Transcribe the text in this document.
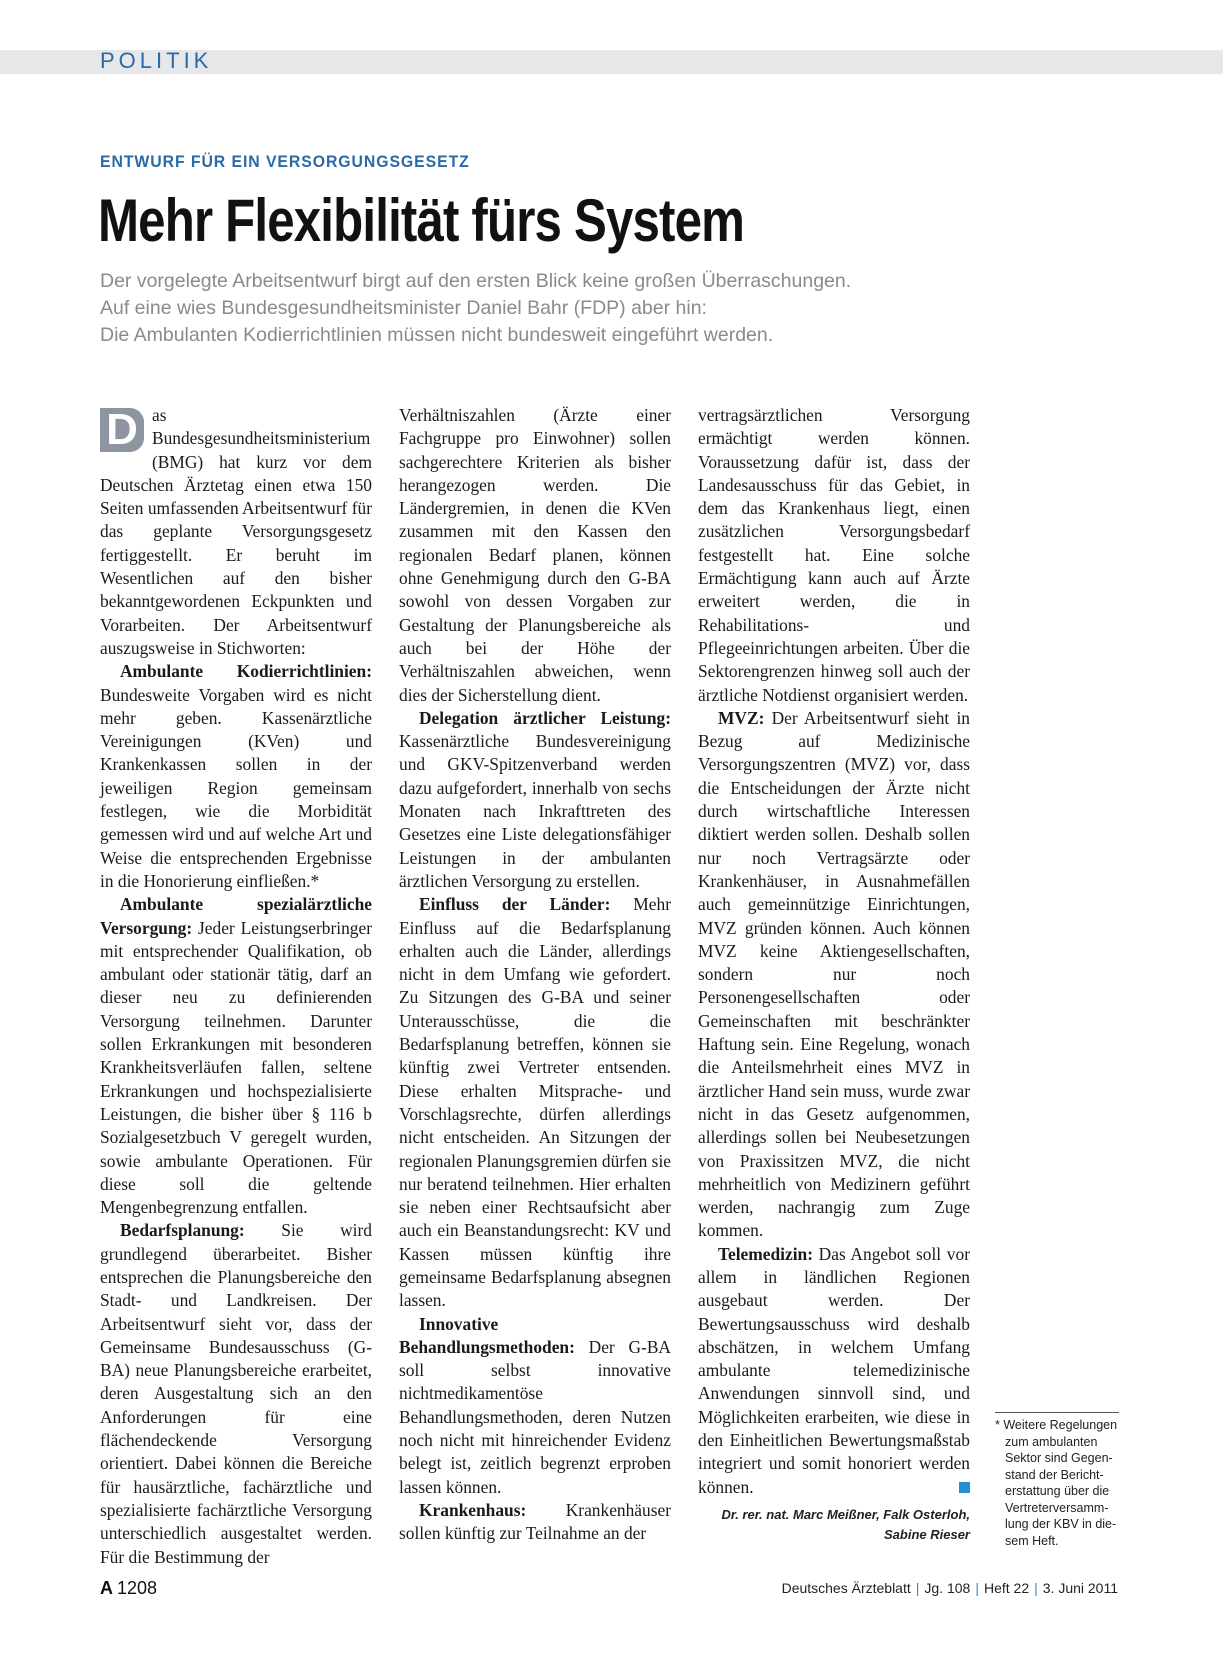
POLITIK
ENTWURF FÜR EIN VERSORGUNGSGESETZ
Mehr Flexibilität fürs System
Der vorgelegte Arbeitsentwurf birgt auf den ersten Blick keine großen Überraschungen.
Auf eine wies Bundesgesundheitsminister Daniel Bahr (FDP) aber hin:
Die Ambulanten Kodierrichtlinien müssen nicht bundesweit eingeführt werden.

D as Bundesgesundheitsministerium (BMG) hat kurz vor dem Deutschen Ärztetag einen etwa 150 Seiten umfassenden Arbeitsentwurf für das geplante Versorgungsgesetz fertiggestellt. Er beruht im Wesentlichen auf den bisher bekanntgewordenen Eckpunkten und Vorarbeiten. Der Arbeitsentwurf auszugsweise in Stichworten:

Ambulante Kodierrichtlinien: Bundesweite Vorgaben wird es nicht mehr geben. Kassenärztliche Vereinigungen (KVen) und Krankenkassen sollen in der jeweiligen Region gemeinsam festlegen, wie die Morbidität gemessen wird und auf welche Art und Weise die entsprechenden Ergebnisse in die Honorierung einfließen.*

Ambulante spezialärztliche Versorgung: Jeder Leistungserbringer mit entsprechender Qualifikation, ob ambulant oder stationär tätig, darf an dieser neu zu definierenden Versorgung teilnehmen. Darunter sollen Erkrankungen mit besonderen Krankheitsverläufen fallen, seltene Erkrankungen und hochspezialisierte Leistungen, die bisher über § 116 b Sozialgesetzbuch V geregelt wurden, sowie ambulante Operationen. Für diese soll die geltende Mengenbegrenzung entfallen.

Bedarfsplanung: Sie wird grundlegend überarbeitet. Bisher entsprechen die Planungsbereiche den Stadt- und Landkreisen. Der Arbeitsentwurf sieht vor, dass der Gemeinsame Bundesausschuss (G-BA) neue Planungsbereiche erarbeitet, deren Ausgestaltung sich an den Anforderungen für eine flächendeckende Versorgung orientiert. Dabei können die Bereiche für hausärztliche, fachärztliche und spezialisierte fachärztliche Versorgung unterschiedlich ausgestaltet werden. Für die Bestimmung der

Verhältniszahlen (Ärzte einer Fachgruppe pro Einwohner) sollen sachgerechtere Kriterien als bisher herangezogen werden. Die Ländergremien, in denen die KVen zusammen mit den Kassen den regionalen Bedarf planen, können ohne Genehmigung durch den G-BA sowohl von dessen Vorgaben zur Gestaltung der Planungsbereiche als auch bei der Höhe der Verhältniszahlen abweichen, wenn dies der Sicherstellung dient.

Delegation ärztlicher Leistung: Kassenärztliche Bundesvereinigung und GKV-Spitzenverband werden dazu aufgefordert, innerhalb von sechs Monaten nach Inkrafttreten des Gesetzes eine Liste delegationsfähiger Leistungen in der ambulanten ärztlichen Versorgung zu erstellen.

Einfluss der Länder: Mehr Einfluss auf die Bedarfsplanung erhalten auch die Länder, allerdings nicht in dem Umfang wie gefordert. Zu Sitzungen des G-BA und seiner Unterausschüsse, die die Bedarfsplanung betreffen, können sie künftig zwei Vertreter entsenden. Diese erhalten Mitsprache- und Vorschlagsrechte, dürfen allerdings nicht entscheiden. An Sitzungen der regionalen Planungsgremien dürfen sie nur beratend teilnehmen. Hier erhalten sie neben einer Rechtsaufsicht aber auch ein Beanstandungsrecht: KV und Kassen müssen künftig ihre gemeinsame Bedarfsplanung absegnen lassen.

Innovative Behandlungsmethoden: Der G-BA soll selbst innovative nichtmedikamentöse Behandlungsmethoden, deren Nutzen noch nicht mit hinreichender Evidenz belegt ist, zeitlich begrenzt erproben lassen können.

Krankenhaus: Krankenhäuser sollen künftig zur Teilnahme an der

vertragsärztlichen Versorgung ermächtigt werden können. Voraussetzung dafür ist, dass der Landesausschuss für das Gebiet, in dem das Krankenhaus liegt, einen zusätzlichen Versorgungsbedarf festgestellt hat. Eine solche Ermächtigung kann auch auf Ärzte erweitert werden, die in Rehabilitations- und Pflegeeinrichtungen arbeiten. Über die Sektorengrenzen hinweg soll auch der ärztliche Notdienst organisiert werden.

MVZ: Der Arbeitsentwurf sieht in Bezug auf Medizinische Versorgungszentren (MVZ) vor, dass die Entscheidungen der Ärzte nicht durch wirtschaftliche Interessen diktiert werden sollen. Deshalb sollen nur noch Vertragsärzte oder Krankenhäuser, in Ausnahmefällen auch gemeinnützige Einrichtungen, MVZ gründen können. Auch können MVZ keine Aktiengesellschaften, sondern nur noch Personengesellschaften oder Gemeinschaften mit beschränkter Haftung sein. Eine Regelung, wonach die Anteilsmehrheit eines MVZ in ärztlicher Hand sein muss, wurde zwar nicht in das Gesetz aufgenommen, allerdings sollen bei Neubesetzungen von Praxissitzen MVZ, die nicht mehrheitlich von Medizinern geführt werden, nachrangig zum Zuge kommen.

Telemedizin: Das Angebot soll vor allem in ländlichen Regionen ausgebaut werden. Der Bewertungsausschuss wird deshalb abschätzen, in welchem Umfang ambulante telemedizinische Anwendungen sinnvoll sind, und Möglichkeiten erarbeiten, wie diese in den Einheitlichen Bewertungsmaßstab integriert und somit honoriert werden können.

Dr. rer. nat. Marc Meißner, Falk Osterloh,
Sabine Rieser
* Weitere Regelungen
zum ambulanten
Sektor sind Gegen-
stand der Bericht-
erstattung über die
Vertreterversamm-
lung der KBV in die-
sem Heft.
A 1208	Deutsches Ärzteblatt | Jg. 108 | Heft 22 | 3. Juni 2011
